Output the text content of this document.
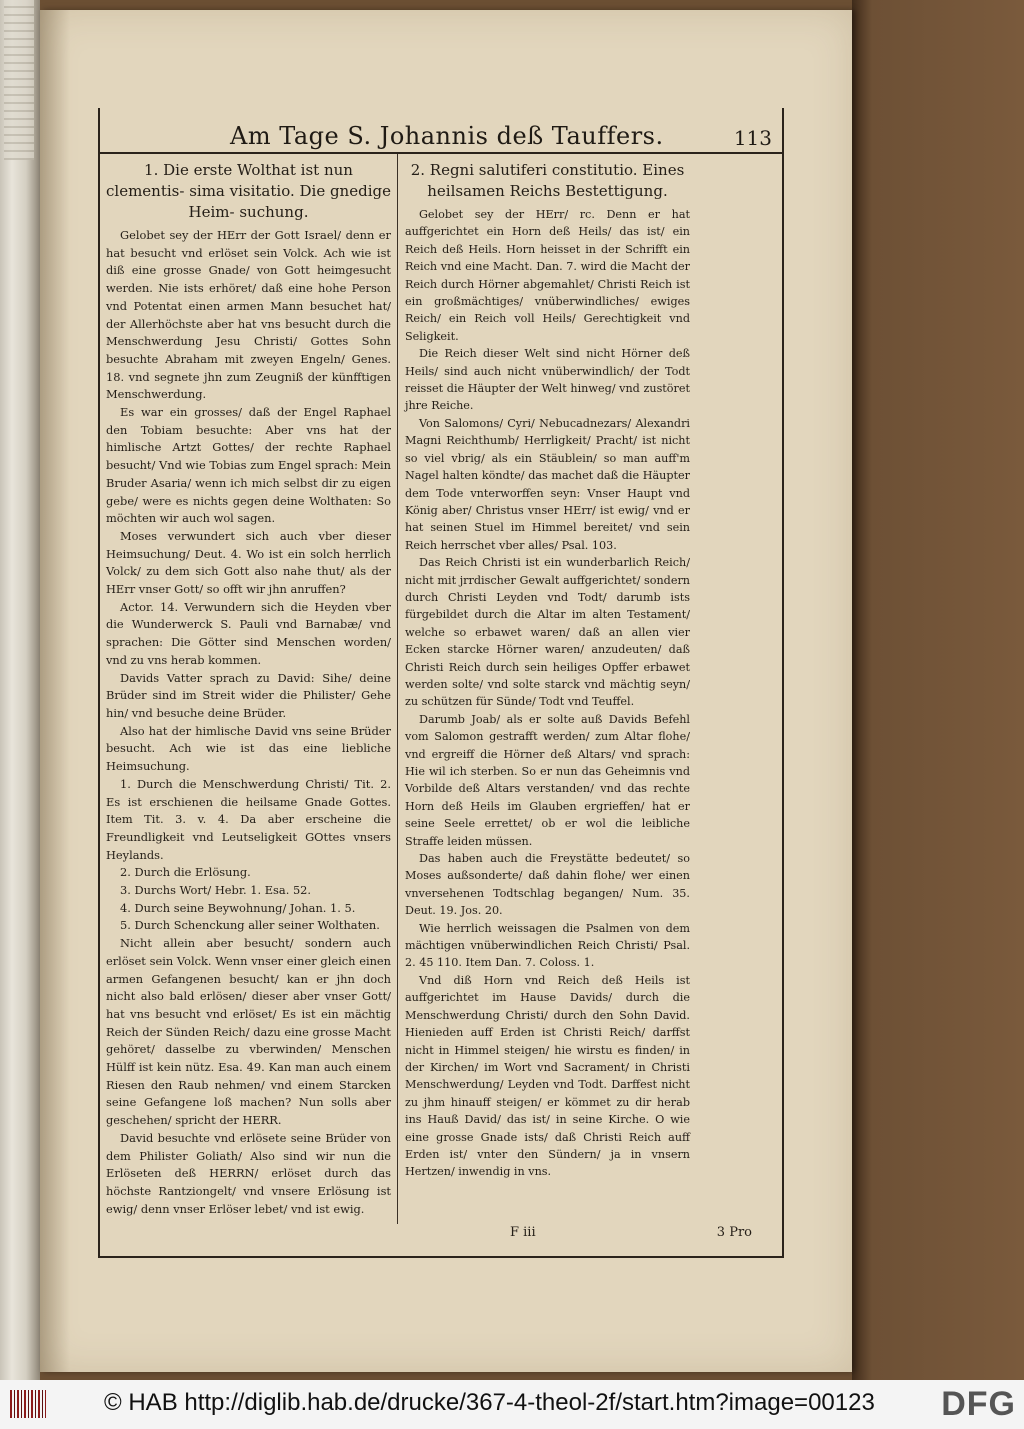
Am Tage S. Johannis deß Tauffers.	113
1. Die erste Wolthat ist nun clementis- sima visitatio. Die gnedige Heim- suchung.

Gelobet sey der HErr der Gott Israel/ denn er hat besucht vnd erlöset sein Volck. Ach wie ist diß eine grosse Gnade/ von Gott heimgesucht werden. Nie ists erhöret/ daß eine hohe Person vnd Potentat einen armen Mann besuchet hat/ der Allerhöchste aber hat vns besucht durch die Menschwerdung Jesu Christi/ Gottes Sohn besuchte Abraham mit zweyen Engeln/ Genes. 18. vnd segnete jhn zum Zeugniß der künfftigen Menschwerdung.

Es war ein grosses/ daß der Engel Raphael den Tobiam besuchte: Aber vns hat der himlische Artzt Gottes/ der rechte Raphael besucht/ Vnd wie Tobias zum Engel sprach: Mein Bruder Asaria/ wenn ich mich selbst dir zu eigen gebe/ were es nichts gegen deine Wolthaten: So möchten wir auch wol sagen.

Moses verwundert sich auch vber dieser Heimsuchung/ Deut. 4. Wo ist ein solch herrlich Volck/ zu dem sich Gott also nahe thut/ als der HErr vnser Gott/ so offt wir jhn anruffen?

Actor. 14. Verwundern sich die Heyden vber die Wunderwerck S. Pauli vnd Barnabæ/ vnd sprachen: Die Götter sind Menschen worden/ vnd zu vns herab kommen.

Davids Vatter sprach zu David: Sihe/ deine Brüder sind im Streit wider die Philister/ Gehe hin/ vnd besuche deine Brüder.

Also hat der himlische David vns seine Brüder besucht. Ach wie ist das eine liebliche Heimsuchung.

1. Durch die Menschwerdung Christi/ Tit. 2. Es ist erschienen die heilsame Gnade Gottes. Item Tit. 3. v. 4. Da aber erscheine die Freundligkeit vnd Leutseligkeit GOttes vnsers Heylands.

2. Durch die Erlösung.

3. Durchs Wort/ Hebr. 1. Esa. 52.

4. Durch seine Beywohnung/ Johan. 1. 5.

5. Durch Schenckung aller seiner Wolthaten.

Nicht allein aber besucht/ sondern auch erlöset sein Volck. Wenn vnser einer gleich einen armen Gefangenen besucht/ kan er jhn doch nicht also bald erlösen/ dieser aber vnser Gott/ hat vns besucht vnd erlöset/ Es ist ein mächtig Reich der Sünden Reich/ dazu eine grosse Macht gehöret/ dasselbe zu vberwinden/ Menschen Hülff ist kein nütz. Esa. 49. Kan man auch einem Riesen den Raub nehmen/ vnd einem Starcken seine Gefangene loß machen? Nun solls aber geschehen/ spricht der HERR.

David besuchte vnd erlösete seine Brüder von dem Philister Goliath/ Also sind wir nun die Erlöseten deß HERRN/ erlöset durch das höchste Rantziongelt/ vnd vnsere Erlösung ist ewig/ denn vnser Erlöser lebet/ vnd ist ewig.

2. Regni salutiferi constitutio. Eines heilsamen Reichs Bestettigung.

Gelobet sey der HErr/ rc. Denn er hat auffgerichtet ein Horn deß Heils/ das ist/ ein Reich deß Heils. Horn heisset in der Schrifft ein Reich vnd eine Macht. Dan. 7. wird die Macht der Reich durch Hörner abgemahlet/ Christi Reich ist ein großmächtiges/ vnüberwindliches/ ewiges Reich/ ein Reich voll Heils/ Gerechtigkeit vnd Seligkeit.

Die Reich dieser Welt sind nicht Hörner deß Heils/ sind auch nicht vnüberwindlich/ der Todt reisset die Häupter der Welt hinweg/ vnd zustöret jhre Reiche.

Von Salomons/ Cyri/ Nebucadnezars/ Alexandri Magni Reichthumb/ Herrligkeit/ Pracht/ ist nicht so viel vbrig/ als ein Stäublein/ so man auff'm Nagel halten köndte/ das machet daß die Häupter dem Tode vnterworffen seyn: Vnser Haupt vnd König aber/ Christus vnser HErr/ ist ewig/ vnd er hat seinen Stuel im Himmel bereitet/ vnd sein Reich herrschet vber alles/ Psal. 103.

Das Reich Christi ist ein wunderbarlich Reich/ nicht mit jrrdischer Gewalt auffgerichtet/ sondern durch Christi Leyden vnd Todt/ darumb ists fürgebildet durch die Altar im alten Testament/ welche so erbawet waren/ daß an allen vier Ecken starcke Hörner waren/ anzudeuten/ daß Christi Reich durch sein heiliges Opffer erbawet werden solte/ vnd solte starck vnd mächtig seyn/ zu schützen für Sünde/ Todt vnd Teuffel.

Darumb Joab/ als er solte auß Davids Befehl vom Salomon gestrafft werden/ zum Altar flohe/ vnd ergreiff die Hörner deß Altars/ vnd sprach: Hie wil ich sterben. So er nun das Geheimnis vnd Vorbilde deß Altars verstanden/ vnd das rechte Horn deß Heils im Glauben ergrieffen/ hat er seine Seele errettet/ ob er wol die leibliche Straffe leiden müssen.

Das haben auch die Freystätte bedeutet/ so Moses außsonderte/ daß dahin flohe/ wer einen vnversehenen Todtschlag begangen/ Num. 35. Deut. 19. Jos. 20.

Wie herrlich weissagen die Psalmen von dem mächtigen vnüberwindlichen Reich Christi/ Psal. 2. 45 110. Item Dan. 7. Coloss. 1.

Vnd diß Horn vnd Reich deß Heils ist auffgerichtet im Hause Davids/ durch die Menschwerdung Christi/ durch den Sohn David. Hienieden auff Erden ist Christi Reich/ darffst nicht in Himmel steigen/ hie wirstu es finden/ in der Kirchen/ im Wort vnd Sacrament/ in Christi Menschwerdung/ Leyden vnd Todt. Darffest nicht zu jhm hinauff steigen/ er kömmet zu dir herab ins Hauß David/ das ist/ in seine Kirche. O wie eine grosse Gnade ists/ daß Christi Reich auff Erden ist/ vnter den Sündern/ ja in vnsern Hertzen/ inwendig in vns.

F iii	3 Pro
© HAB http://diglib.hab.de/drucke/367-4-theol-2f/start.htm?image=00123 DFG
